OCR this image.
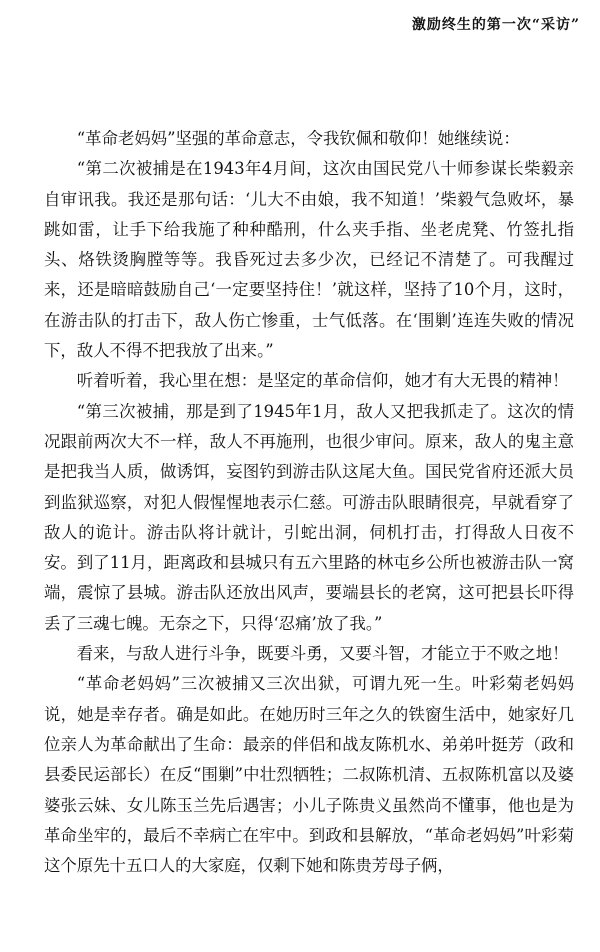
激励终生的第一次“采访”

“革命老妈妈”坚强的革命意志，令我钦佩和敬仰！她继续说：

“第二次被捕是在1943年4月间，这次由国民党八十师参谋长柴毅亲自审讯我。我还是那句话：‘儿大不由娘，我不知道！’柴毅气急败坏，暴跳如雷，让手下给我施了种种酷刑，什么夹手指、坐老虎凳、竹签扎指头、烙铁烫胸膛等等。我昏死过去多少次，已经记不清楚了。可我醒过来，还是暗暗鼓励自己‘一定要坚持住！’就这样，坚持了10个月，这时，在游击队的打击下，敌人伤亡惨重，士气低落。在‘围剿’连连失败的情况下，敌人不得不把我放了出来。”

听着听着，我心里在想：是坚定的革命信仰，她才有大无畏的精神！

“第三次被捕，那是到了1945年1月，敌人又把我抓走了。这次的情况跟前两次大不一样，敌人不再施刑，也很少审问。原来，敌人的鬼主意是把我当人质，做诱饵，妄图钓到游击队这尾大鱼。国民党省府还派大员到监狱巡察，对犯人假惺惺地表示仁慈。可游击队眼睛很亮，早就看穿了敌人的诡计。游击队将计就计，引蛇出洞，伺机打击，打得敌人日夜不安。到了11月，距离政和县城只有五六里路的林屯乡公所也被游击队一窝端，震惊了县城。游击队还放出风声，要端县长的老窝，这可把县长吓得丢了三魂七魄。无奈之下，只得‘忍痛’放了我。”

看来，与敌人进行斗争，既要斗勇，又要斗智，才能立于不败之地！

“革命老妈妈”三次被捕又三次出狱，可谓九死一生。叶彩菊老妈妈说，她是幸存者。确是如此。在她历时三年之久的铁窗生活中，她家好几位亲人为革命献出了生命：最亲的伴侣和战友陈机水、弟弟叶挺芳（政和县委民运部长）在反“围剿”中壮烈牺牲；二叔陈机清、五叔陈机富以及婆婆张云妹、女儿陈玉兰先后遇害；小儿子陈贵义虽然尚不懂事，他也是为革命坐牢的，最后不幸病亡在牢中。到政和县解放，“革命老妈妈”叶彩菊这个原先十五口人的大家庭，仅剩下她和陈贵芳母子俩，
